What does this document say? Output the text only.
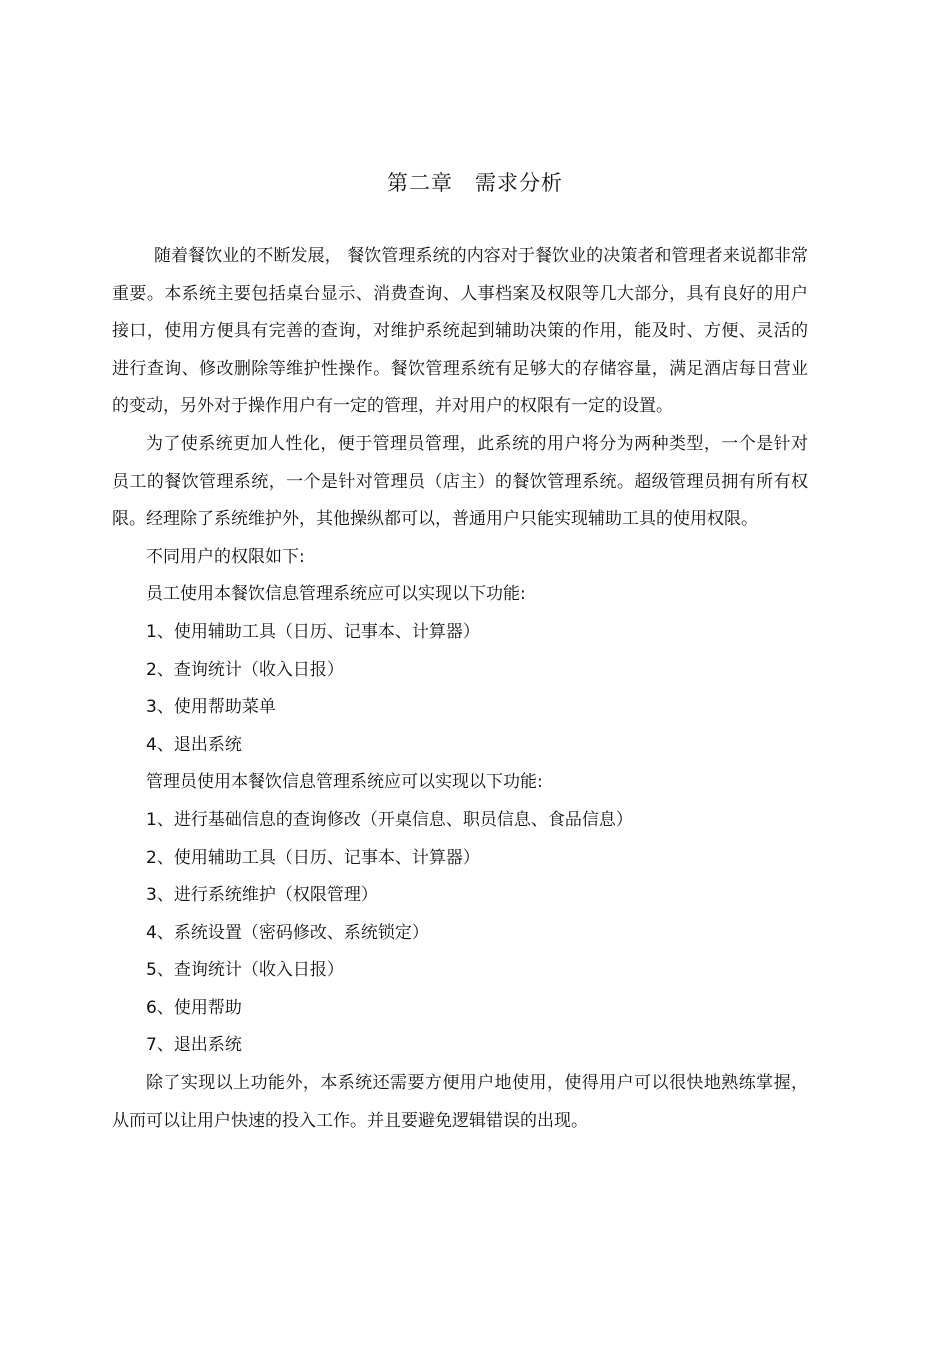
第二章　需求分析

随着餐饮业的不断发展， 餐饮管理系统的内容对于餐饮业的决策者和管理者来说都非常重要。本系统主要包括桌台显示、消费查询、人事档案及权限等几大部分，具有良好的用户接口，使用方便具有完善的查询，对维护系统起到辅助决策的作用，能及时、方便、灵活的进行查询、修改删除等维护性操作。餐饮管理系统有足够大的存储容量，满足酒店每日营业的变动，另外对于操作用户有一定的管理，并对用户的权限有一定的设置。

为了使系统更加人性化，便于管理员管理，此系统的用户将分为两种类型，一个是针对员工的餐饮管理系统，一个是针对管理员（店主）的餐饮管理系统。超级管理员拥有所有权限。经理除了系统维护外，其他操纵都可以，普通用户只能实现辅助工具的使用权限。

不同用户的权限如下:

员工使用本餐饮信息管理系统应可以实现以下功能:

1、使用辅助工具（日历、记事本、计算器）

2、查询统计（收入日报）

3、使用帮助菜单

4、退出系统

管理员使用本餐饮信息管理系统应可以实现以下功能:

1、进行基础信息的查询修改（开桌信息、职员信息、食品信息）

2、使用辅助工具（日历、记事本、计算器）

3、进行系统维护（权限管理）

4、系统设置（密码修改、系统锁定）

5、查询统计（收入日报）

6、使用帮助

7、退出系统

除了实现以上功能外，本系统还需要方便用户地使用，使得用户可以很快地熟练掌握，从而可以让用户快速的投入工作。并且要避免逻辑错误的出现。
